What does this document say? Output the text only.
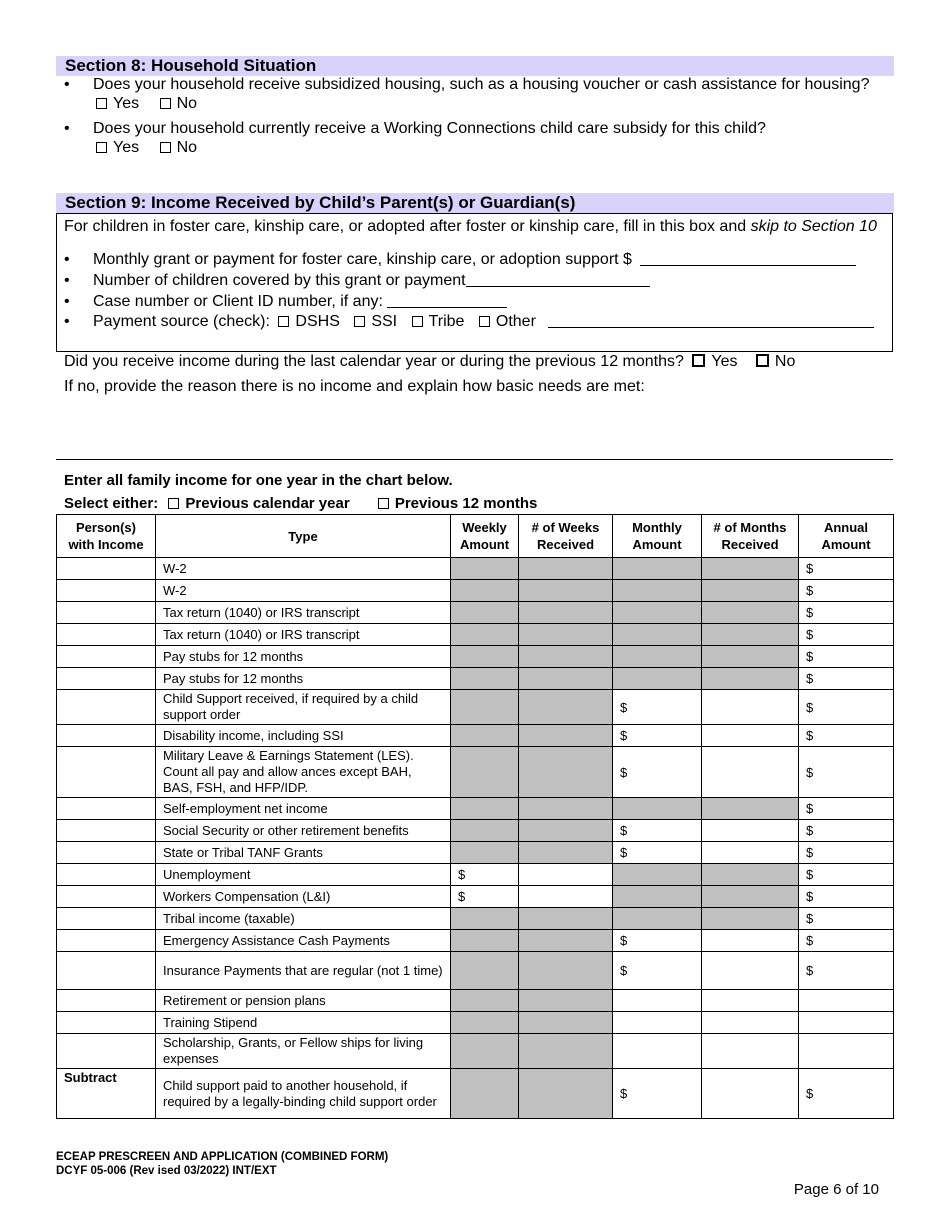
Section 8: Household Situation
• Does your household receive subsidized housing, such as a housing voucher or cash assistance for housing?
Yes No
• Does your household currently receive a Working Connections child care subsidy for this child?
Yes No
Section 9: Income Received by Child’s Parent(s) or Guardian(s)
For children in foster care, kinship care, or adopted after foster or kinship care, fill in this box and skip to Section 10
• Monthly grant or payment for foster care, kinship care, or adoption support $
• Number of children covered by this grant or payment
• Case number or Client ID number, if any:
• Payment source (check): DSHS SSI Tribe Other
Did you receive income during the last calendar year or during the previous 12 months? Yes No
If no, provide the reason there is no income and explain how basic needs are met:
Enter all family income for one year in the chart below.
Select either: Previous calendar year	Previous 12 months
Person(s) with Income	Type	Weekly Amount	# of Weeks Received	Monthly Amount	# of Months Received	Annual Amount
	W-2					$
	W-2					$
	Tax return (1040) or IRS transcript					$
	Tax return (1040) or IRS transcript					$
	Pay stubs for 12 months					$
	Pay stubs for 12 months					$
	Child Support received, if required by a child support order			$		$
	Disability income, including SSI			$		$
	Military Leave & Earnings Statement (LES). Count all pay and allow ances except BAH, BAS, FSH, and HFP/IDP.			$		$
	Self-employment net income					$
	Social Security or other retirement benefits			$		$
	State or Tribal TANF Grants			$		$
	Unemployment	$				$
	Workers Compensation (L&I)	$				$
	Tribal income (taxable)					$
	Emergency Assistance Cash Payments			$		$
	Insurance Payments that are regular (not 1 time)			$		$
	Retirement or pension plans					
	Training Stipend					
	Scholarship, Grants, or Fellow ships for living expenses					
Subtract	Child support paid to another household, if required by a legally-binding child support order			$		$
ECEAP PRESCREEN AND APPLICATION (COMBINED FORM)
DCYF 05-006 (Rev ised 03/2022) INT/EXT
Page 6 of 10
